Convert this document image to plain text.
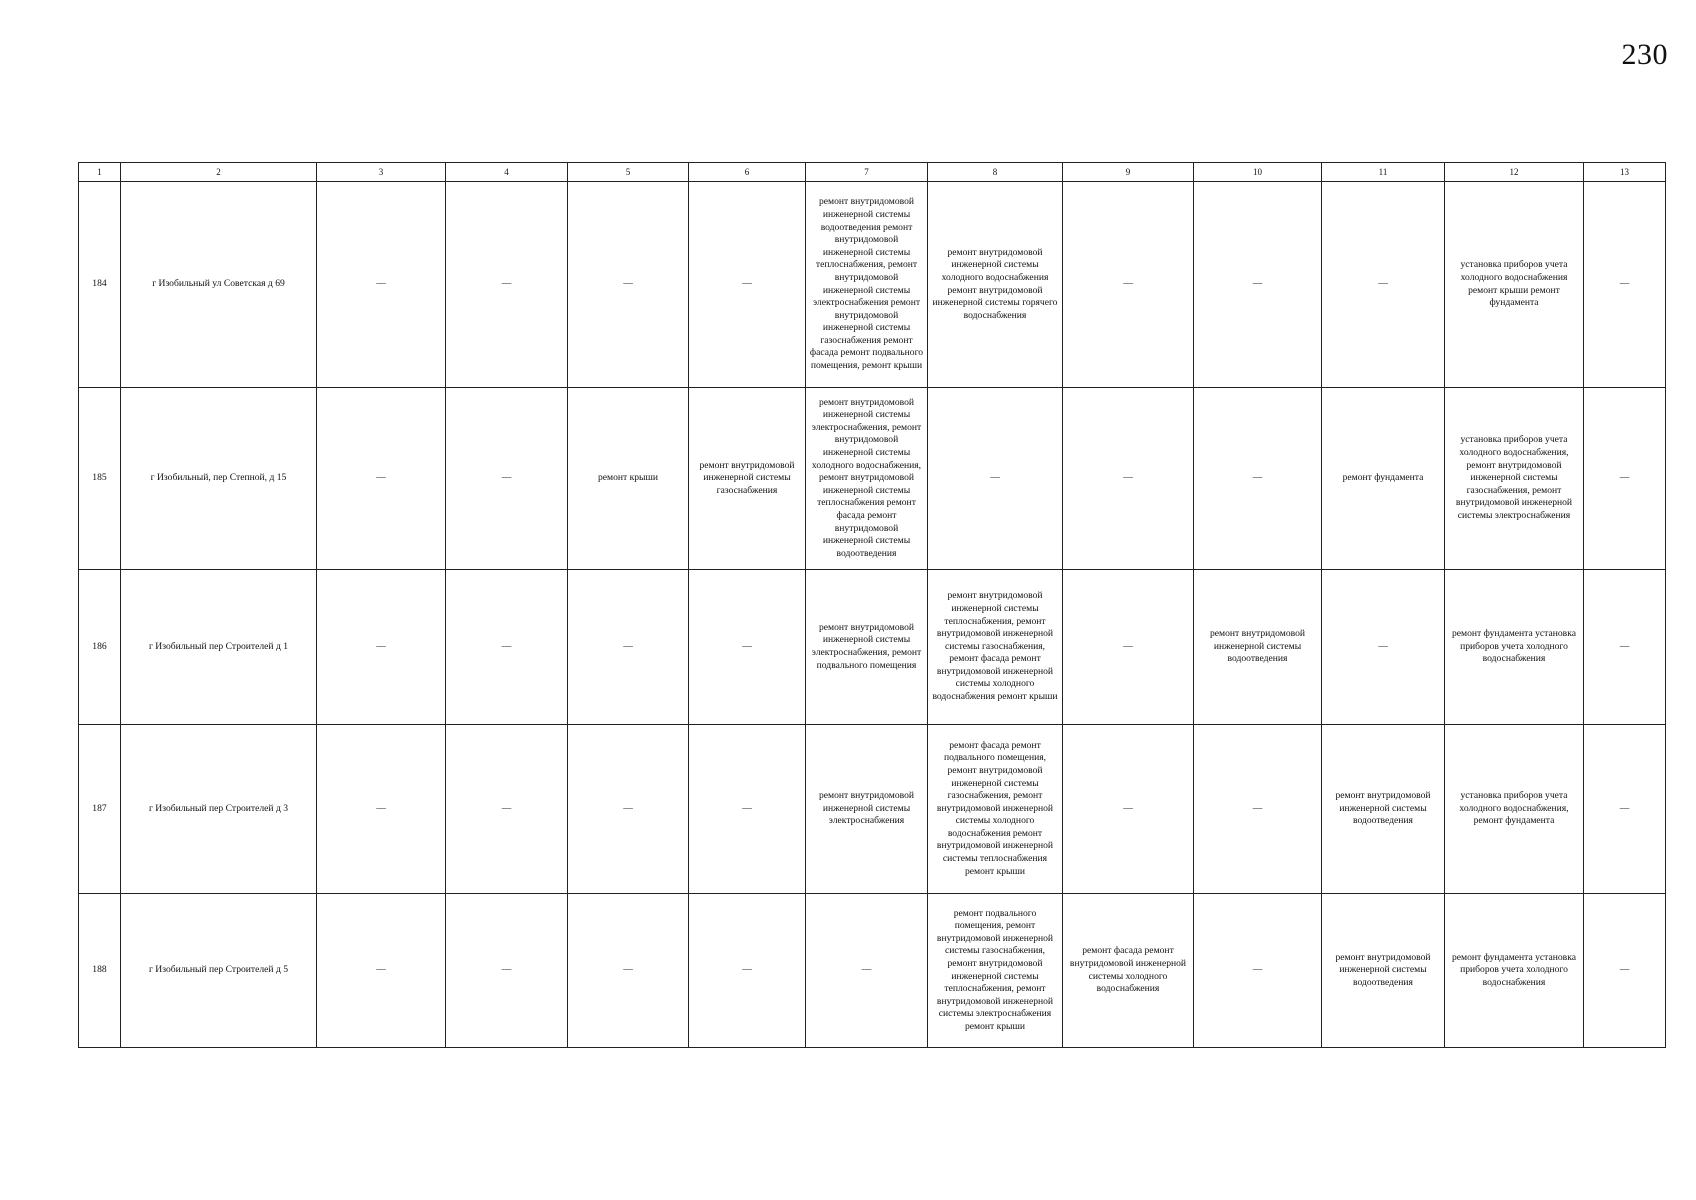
230
1	2	3	4	5	6	7	8	9	10	11	12	13
184	г Изобильный ул Советская д 69	—	—	—	—	ремонт внутридомовой инженерной системы водоотведения ремонт внутридомовой инженерной системы теплоснабжения, ремонт внутридомовой инженерной системы электроснабжения ремонт внутридомовой инженерной системы газоснабжения ремонт фасада ремонт подвального помещения, ремонт крыши	ремонт внутридомовой инженерной системы холодного водоснабжения ремонт внутридомовой инженерной системы горячего водоснабжения	—	—	—	установка приборов учета холодного водоснабжения ремонт крыши ремонт фундамента	—
185	г Изобильный, пер Степной, д 15	—	—	ремонт крыши	ремонт внутридомовой инженерной системы газоснабжения	ремонт внутридомовой инженерной системы электроснабжения, ремонт внутридомовой инженерной системы холодного водоснабжения, ремонт внутридомовой инженерной системы теплоснабжения ремонт фасада ремонт внутридомовой инженерной системы водоотведения	—	—	—	ремонт фундамента	установка приборов учета холодного водоснабжения, ремонт внутридомовой инженерной системы газоснабжения, ремонт внутридомовой инженерной системы электроснабжения	—
186	г Изобильный пер Строителей д 1	—	—	—	—	ремонт внутридомовой инженерной системы электроснабжения, ремонт подвального помещения	ремонт внутридомовой инженерной системы теплоснабжения, ремонт внутридомовой инженерной системы газоснабжения, ремонт фасада ремонт внутридомовой инженерной системы холодного водоснабжения ремонт крыши	—	ремонт внутридомовой инженерной системы водоотведения	—	ремонт фундамента установка приборов учета холодного водоснабжения	—
187	г Изобильный пер Строителей д 3	—	—	—	—	ремонт внутридомовой инженерной системы электроснабжения	ремонт фасада ремонт подвального помещения, ремонт внутридомовой инженерной системы газоснабжения, ремонт внутридомовой инженерной системы холодного водоснабжения ремонт внутридомовой инженерной системы теплоснабжения ремонт крыши	—	—	ремонт внутридомовой инженерной системы водоотведения	установка приборов учета холодного водоснабжения, ремонт фундамента	—
188	г Изобильный пер Строителей д 5	—	—	—	—	—	ремонт подвального помещения, ремонт внутридомовой инженерной системы газоснабжения, ремонт внутридомовой инженерной системы теплоснабжения, ремонт внутридомовой инженерной системы электроснабжения ремонт крыши	ремонт фасада ремонт внутридомовой инженерной системы холодного водоснабжения	—	ремонт внутридомовой инженерной системы водоотведения	ремонт фундамента установка приборов учета холодного водоснабжения	—
